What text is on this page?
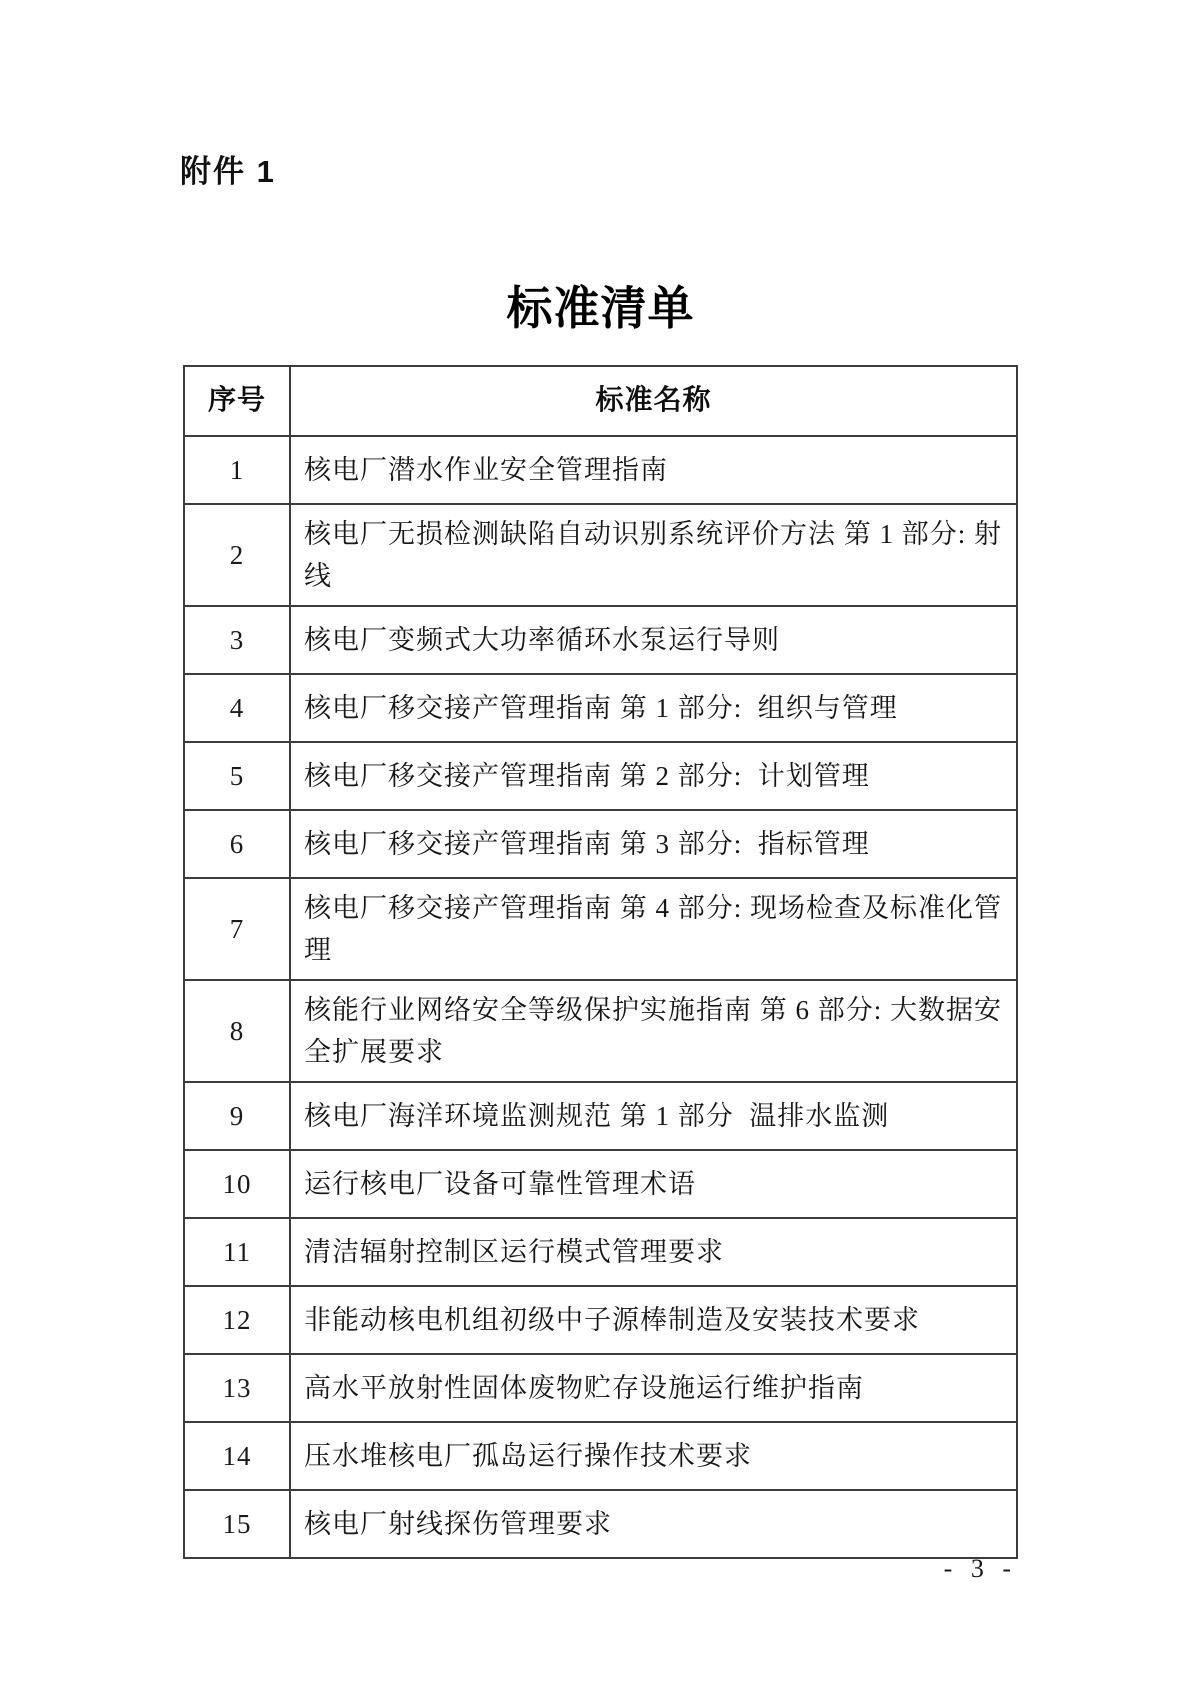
附件 1
标准清单
序号	标准名称
1	核电厂潜水作业安全管理指南
2	核电厂无损检测缺陷自动识别系统评价方法 第 1 部分: 射线
3	核电厂变频式大功率循环水泵运行导则
4	核电厂移交接产管理指南 第 1 部分:  组织与管理
5	核电厂移交接产管理指南 第 2 部分:  计划管理
6	核电厂移交接产管理指南 第 3 部分:  指标管理
7	核电厂移交接产管理指南 第 4 部分: 现场检查及标准化管理
8	核能行业网络安全等级保护实施指南 第 6 部分: 大数据安全扩展要求
9	核电厂海洋环境监测规范 第 1 部分  温排水监测
10	运行核电厂设备可靠性管理术语
11	清洁辐射控制区运行模式管理要求
12	非能动核电机组初级中子源棒制造及安装技术要求
13	高水平放射性固体废物贮存设施运行维护指南
14	压水堆核电厂孤岛运行操作技术要求
15	核电厂射线探伤管理要求
- 3 -
